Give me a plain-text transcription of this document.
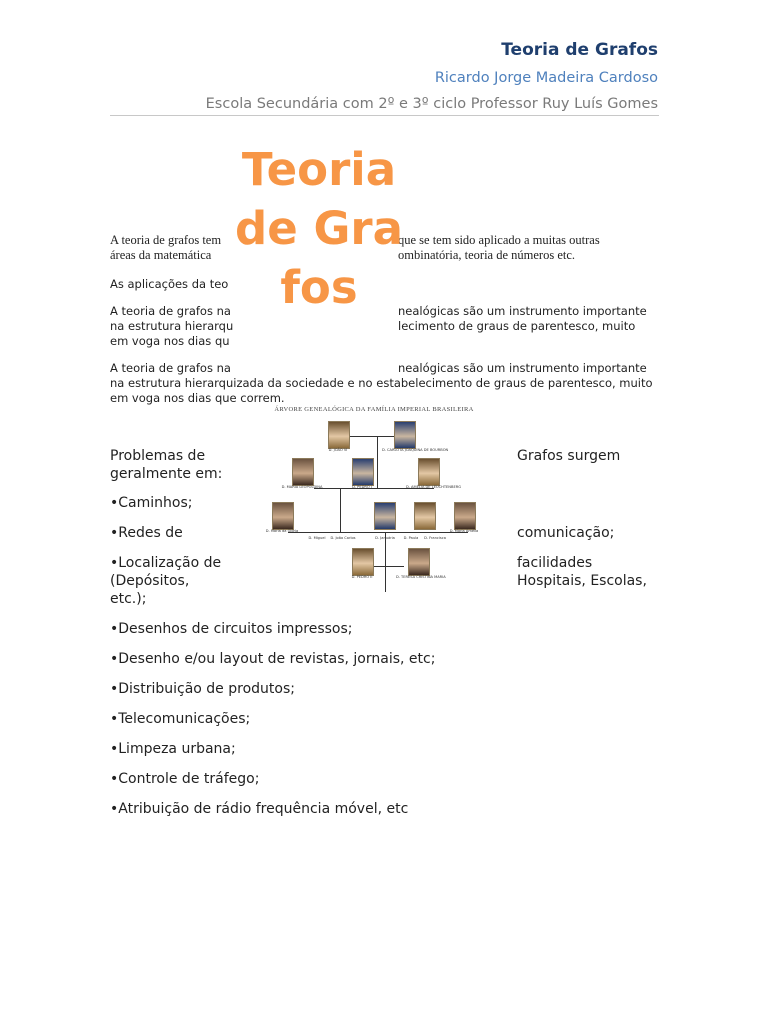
Teoria de Grafos
Ricardo Jorge Madeira Cardoso
Escola Secundária com 2º e 3º ciclo Professor Ruy Luís Gomes
A teoria de grafos tem	que se tem sido aplicado a muitas outras
áreas da matemática	ombinatória, teoria de números etc.
As aplicações da teo
A teoria de grafos na	nealógicas são um instrumento importante
na estrutura hierarqu	lecimento de graus de parentesco, muito
em voga nos dias qu
A teoria de grafos na	nealógicas são um instrumento importante
na estrutura hierarquizada da sociedade e no estabelecimento de graus de parentesco, muito
em voga nos dias que correm.
Teoria de Grafos
Problemas de	Grafos surgem
geralmente em:
•Caminhos;
•Redes de	comunicação;
•Localização de	facilidades
(Depósitos,	Hospitais, Escolas,
etc.);
•Desenhos de circuitos impressos;
•Desenho e/ou layout de revistas, jornais, etc;
•Distribuição de produtos;
•Telecomunicações;
•Limpeza urbana;
•Controle de tráfego;
•Atribuição de rádio frequência móvel, etc
ÁRVORE GENEALÓGICA DA FAMÍLIA IMPERIAL BRASILEIRA
D. JOÃO VI	D. CARLOTA JOAQUINA DE BOURBON
D. MARIA LEOPOLDINA	D. PEDRO I	D. AMÉLIA DE LEUCHTENBERG
D. Maria da Glória	D. Maria Amélia
D. Miguel	D. João Carlos	D. Januária	D. Paula	D. Francisca
D. PEDRO II	D. TERESA CRISTINA MARIA
